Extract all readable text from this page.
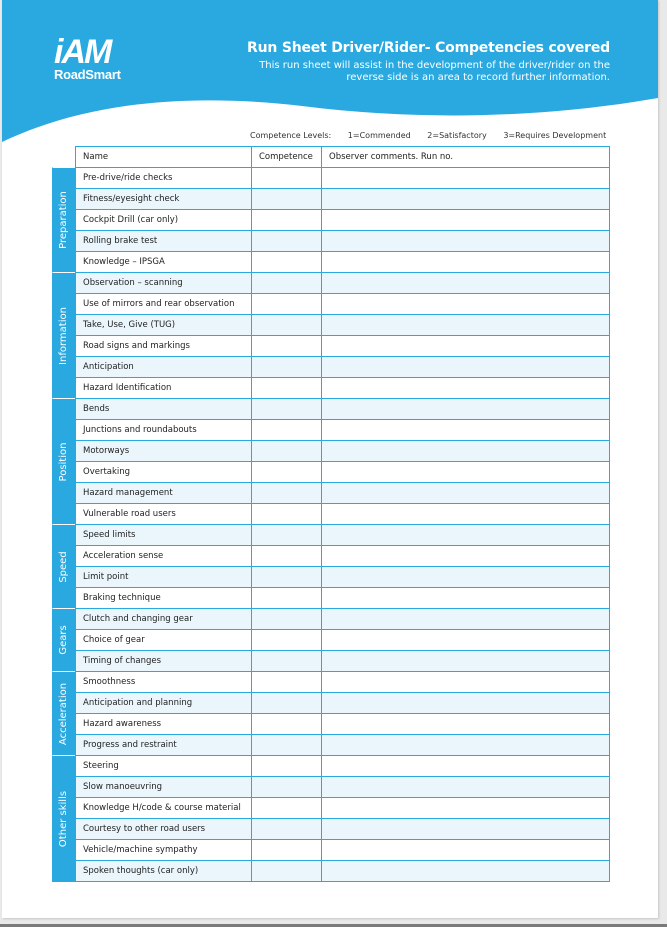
iAM
RoadSmart
Run Sheet Driver/Rider- Competencies covered
This run sheet will assist in the development of the driver/rider on the reverse side is an area to record further information.
Competence Levels: 1=Commended 2=Satisfactory 3=Requires Development
Name	Competence	Observer comments. Run no.
Preparation
Pre-drive/ride checks
Fitness/eyesight check
Cockpit Drill (car only)
Rolling brake test
Knowledge – IPSGA
Information
Observation – scanning
Use of mirrors and rear observation
Take, Use, Give (TUG)
Road signs and markings
Anticipation
Hazard Identification
Position
Bends
Junctions and roundabouts
Motorways
Overtaking
Hazard management
Vulnerable road users
Speed
Speed limits
Acceleration sense
Limit point
Braking technique
Gears
Clutch and changing gear
Choice of gear
Timing of changes
Acceleration
Smoothness
Anticipation and planning
Hazard awareness
Progress and restraint
Other skills
Steering
Slow manoeuvring
Knowledge H/code & course material
Courtesy to other road users
Vehicle/machine sympathy
Spoken thoughts (car only)
